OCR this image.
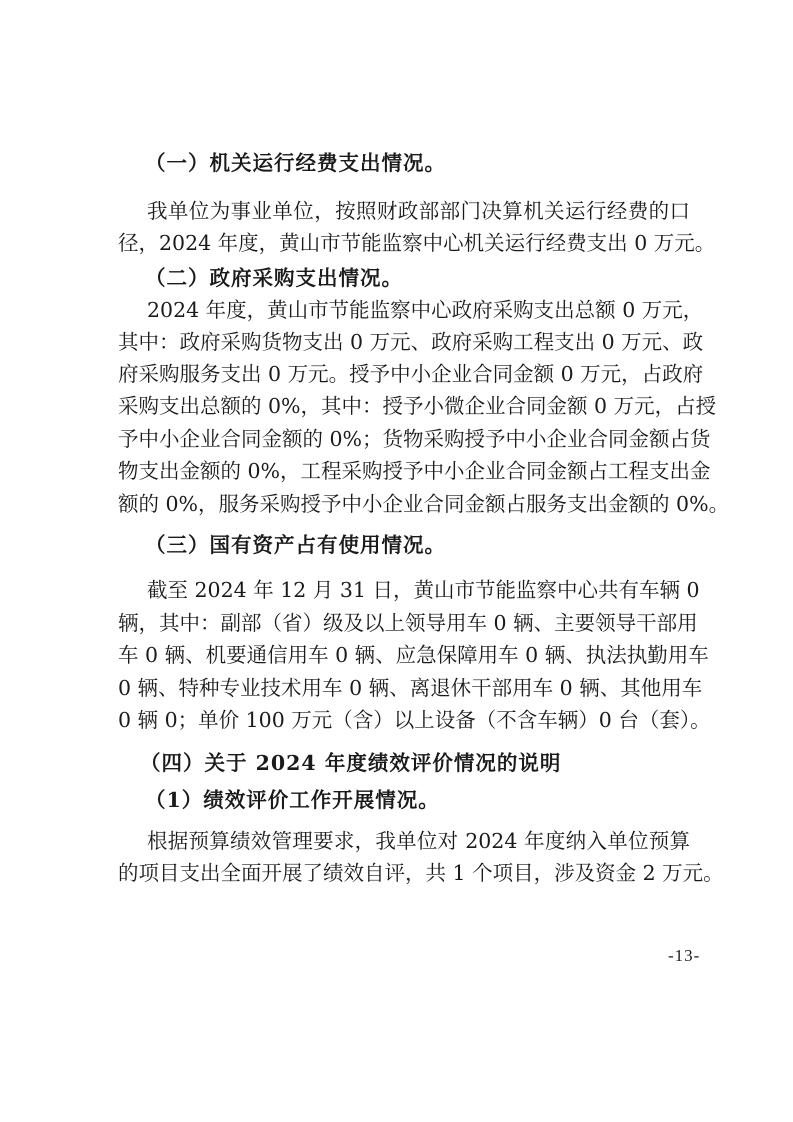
（一）机关运行经费支出情况。
我单位为事业单位，按照财政部部门决算机关运行经费的口
径，2024 年度，黄山市节能监察中心机关运行经费支出 0 万元。
（二）政府采购支出情况。
2024 年度，黄山市节能监察中心政府采购支出总额 0 万元，
其中：政府采购货物支出 0 万元、政府采购工程支出 0 万元、政
府采购服务支出 0 万元。授予中小企业合同金额 0 万元，占政府
采购支出总额的 0%，其中：授予小微企业合同金额 0 万元，占授
予中小企业合同金额的 0%；货物采购授予中小企业合同金额占货
物支出金额的 0%，工程采购授予中小企业合同金额占工程支出金
额的 0%，服务采购授予中小企业合同金额占服务支出金额的 0%。
（三）国有资产占有使用情况。
截至 2024 年 12 月 31 日，黄山市节能监察中心共有车辆 0
辆，其中：副部（省）级及以上领导用车 0 辆、主要领导干部用
车 0 辆、机要通信用车 0 辆、应急保障用车 0 辆、执法执勤用车
0 辆、特种专业技术用车 0 辆、离退休干部用车 0 辆、其他用车
0 辆 0；单价 100 万元（含）以上设备（不含车辆）0 台（套）。
（四）关于 2024 年度绩效评价情况的说明
（1）绩效评价工作开展情况。
根据预算绩效管理要求，我单位对 2024 年度纳入单位预算
的项目支出全面开展了绩效自评，共 1 个项目，涉及资金 2 万元。
-13-
